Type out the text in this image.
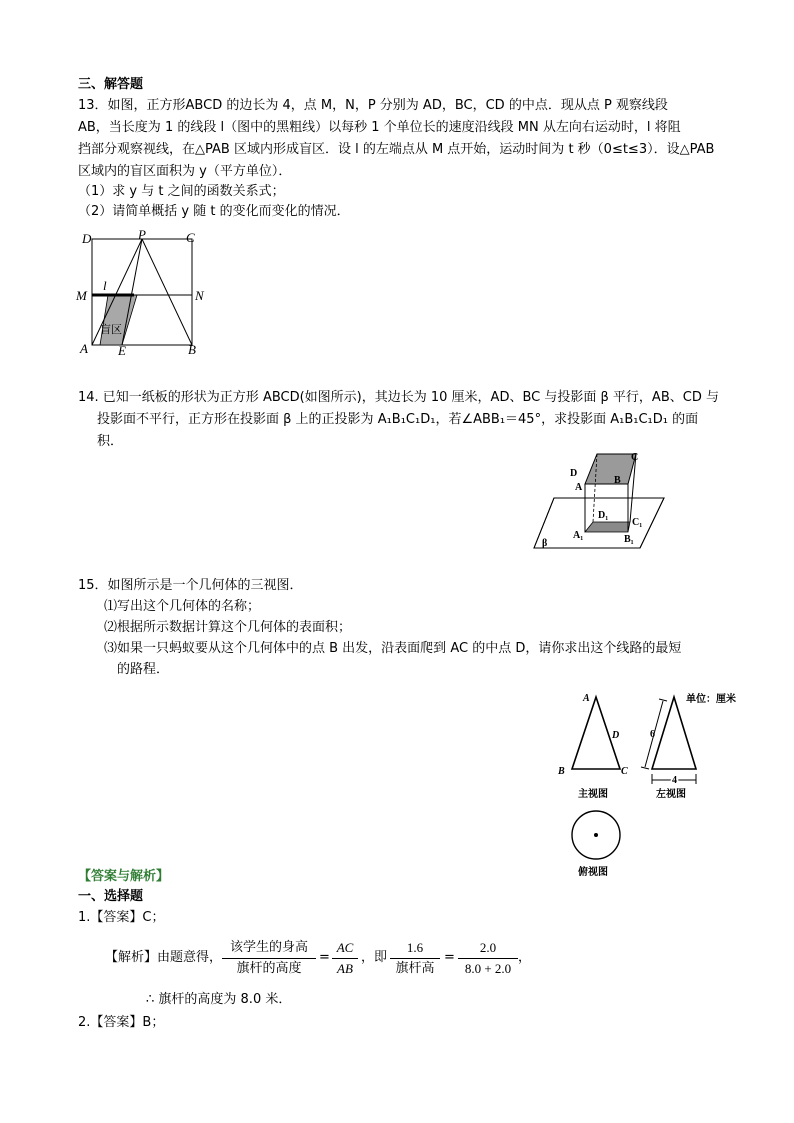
三、解答题
13．如图，正方形ABCD 的边长为 4，点 M，N，P 分别为 AD，BC，CD 的中点．现从点 P 观察线段
AB，当长度为 1 的线段 l（图中的黑粗线）以每秒 1 个单位长的速度沿线段 MN 从左向右运动时，l 将阻
挡部分观察视线，在△PAB 区域内形成盲区．设 l 的左端点从 M 点开始，运动时间为 t 秒（0≤t≤3）．设△PAB
区域内的盲区面积为 y（平方单位）．
（1）求 y 与 t 之间的函数关系式；
（2）请简单概括 y 随 t 的变化而变化的情况．
D	P	C
M
l
N
盲区
A E	B
14. 已知一纸板的形状为正方形 ABCD(如图所示)，其边长为 10 厘米，AD、BC 与投影面 β 平行，AB、CD 与
投影面不平行，正方形在投影面 β 上的正投影为 A₁B₁C₁D₁，若∠ABB₁＝45°，求投影面 A₁B₁C₁D₁ 的面
积．
D
C
A
B
D₁
C₁
A₁	B₁
β
15．如图所示是一个几何体的三视图．
⑴写出这个几何体的名称；
⑵根据所示数据计算这个几何体的表面积；
⑶如果一只蚂蚁要从这个几何体中的点 B 出发，沿表面爬到 AC 的中点 D，请你求出这个线路的最短
的路程．
A
D
B	C
主视图
6
4
左视图
单位：厘米
俯视图
【答案与解析】
一、选择题
1.【答案】C；
【解析】由题意得，
该学生的身高
旗杆的高度
=
AC
AB
，即
1.6
旗杆高
=
2.0
8.0 + 2.0
，
∴ 旗杆的高度为 8.0 米．
2.【答案】B；
